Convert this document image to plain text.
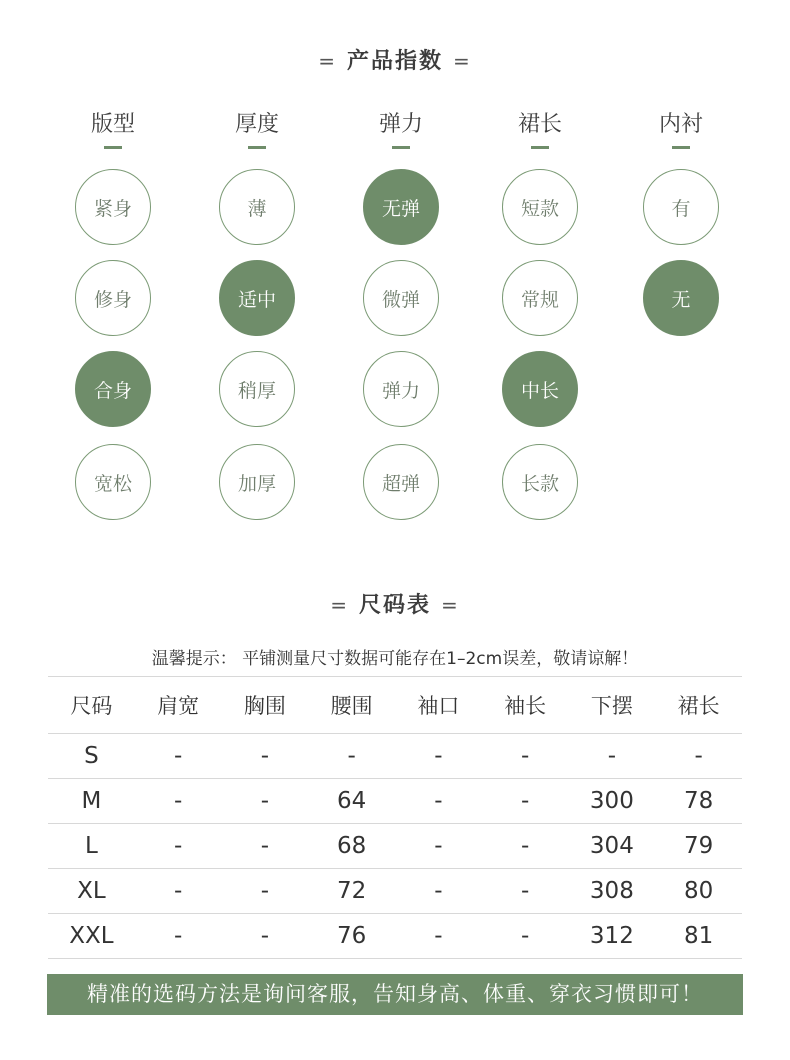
= 产品指数 =
版型
紧身
修身
合身
宽松
厚度
薄
适中
稍厚
加厚
弹力
无弹
微弹
弹力
超弹
裙长
短款
常规
中长
长款
内衬
有
无
= 尺码表 =
温馨提示： 平铺测量尺寸数据可能存在1–2cm误差，敬请谅解！
尺码	肩宽	胸围	腰围	袖口	袖长	下摆	裙长
S	-	-	-	-	-	-	-
M	-	-	64	-	-	300	78
L	-	-	68	-	-	304	79
XL	-	-	72	-	-	308	80
XXL	-	-	76	-	-	312	81
精准的选码方法是询问客服，告知身高、体重、穿衣习惯即可！
